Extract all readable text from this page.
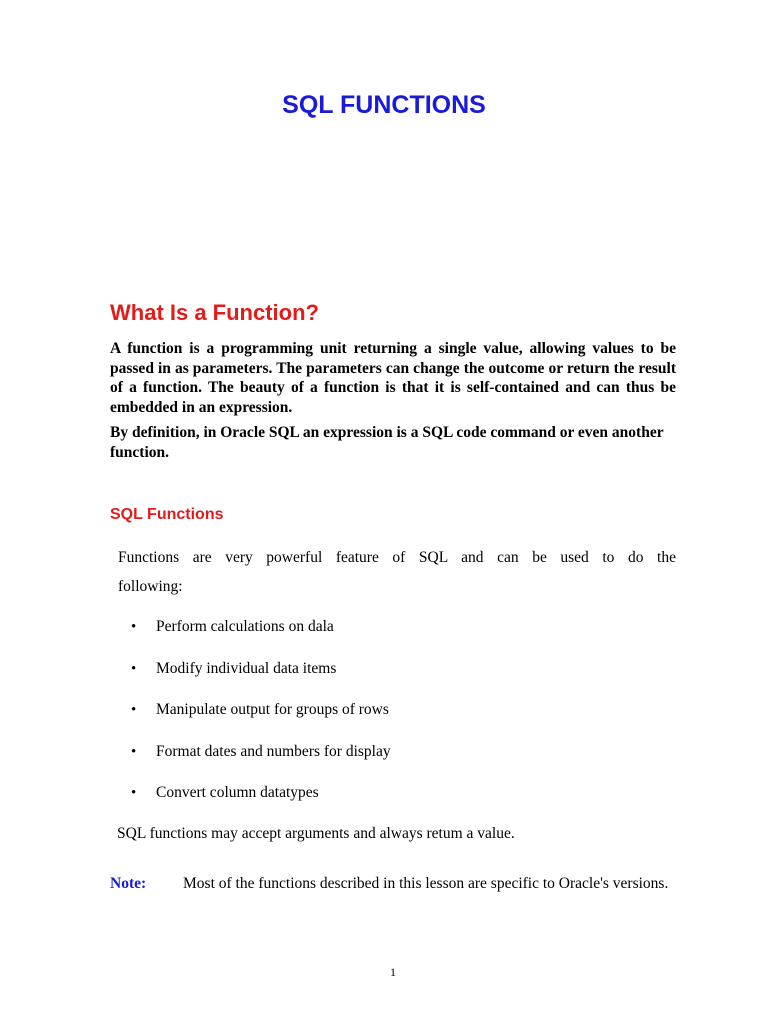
SQL FUNCTIONS
What Is a Function?

A function is a programming unit returning a single value, allowing values to be passed in as parameters. The parameters can change the outcome or return the result of a function. The beauty of a function is that it is self-contained and can thus be embedded in an expression.

By definition, in Oracle SQL an expression is a SQL code command or even another function.

SQL Functions

Functions are very powerful feature of SQL and can be used to do the
following:

•	Perform calculations on dala
•	Modify individual data items
•	Manipulate output for groups of rows
•	Format dates and numbers for display
•	Convert column datatypes

SQL functions may accept arguments and always retum a value.

Note: Most of the functions described in this lesson are specific to Oracle's versions.

1
